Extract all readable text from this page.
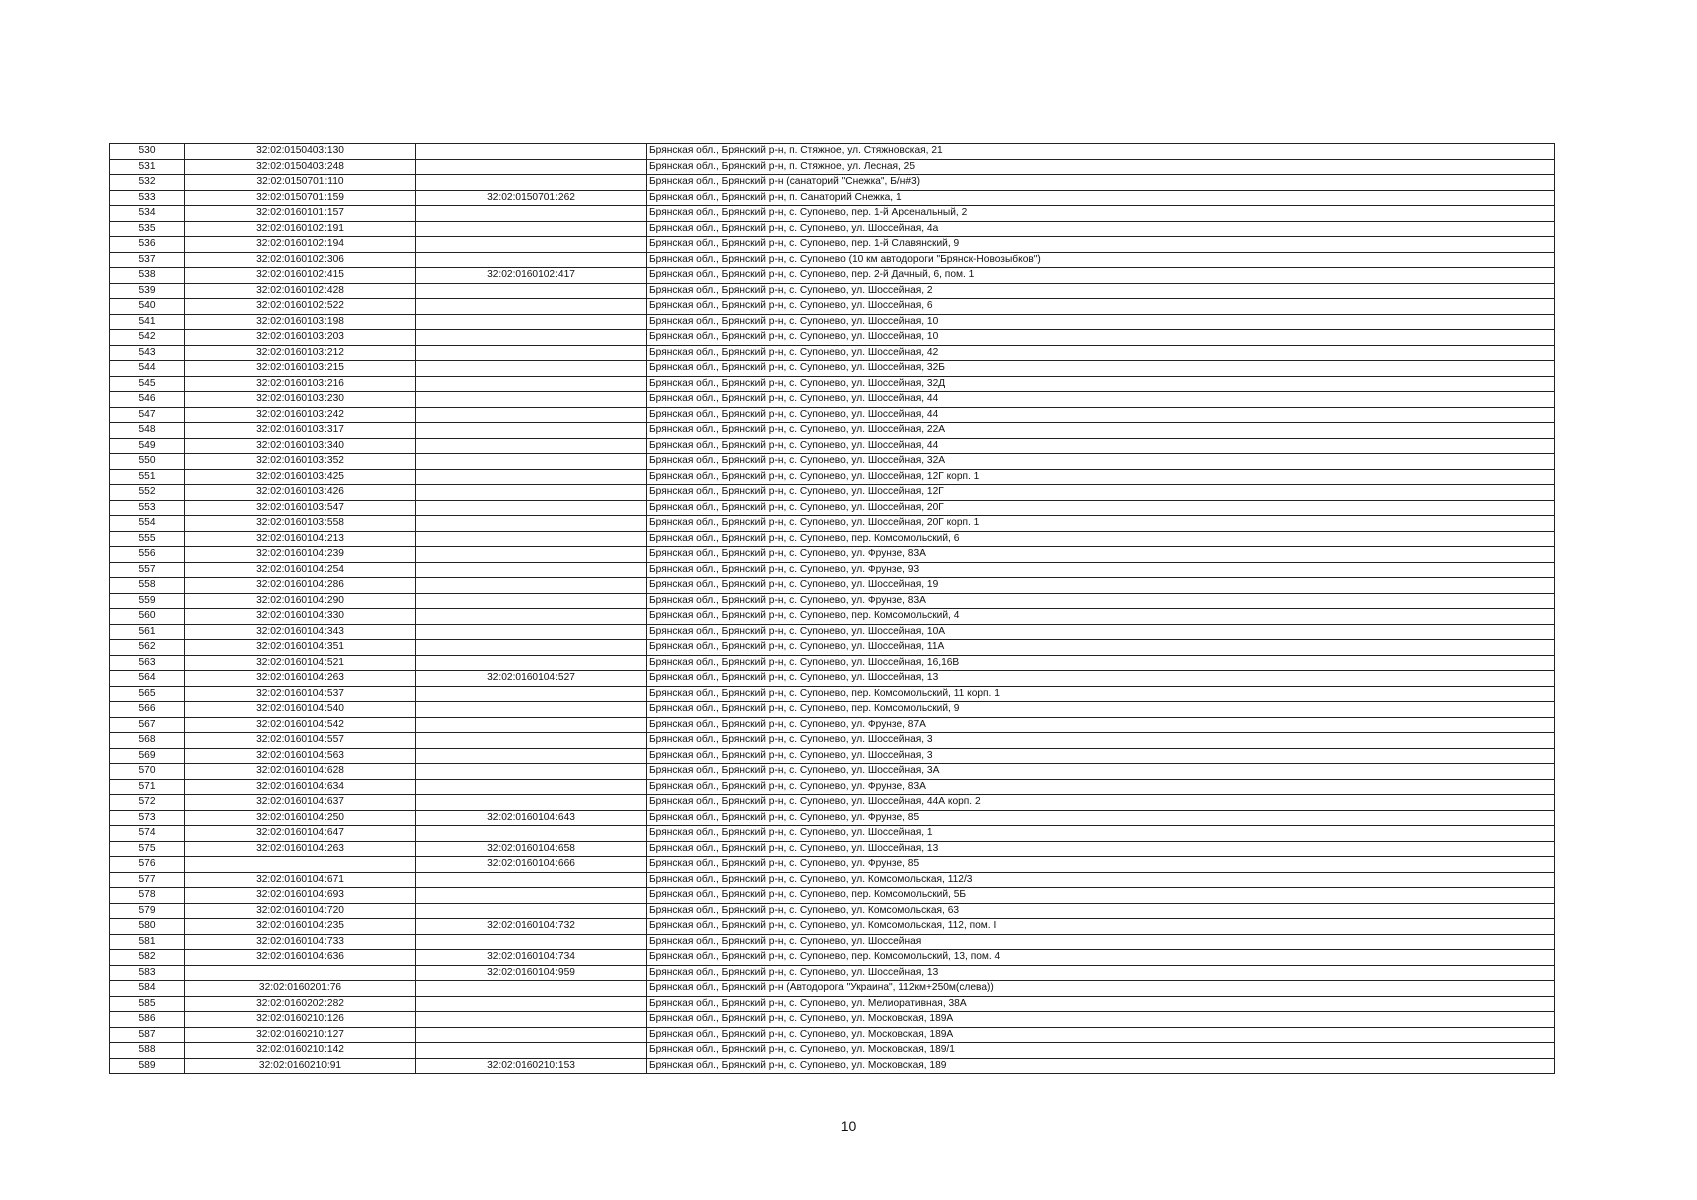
530	32:02:0150403:130		Брянская обл., Брянский р-н, п. Стяжное, ул. Стяжновская, 21
531	32:02:0150403:248		Брянская обл., Брянский р-н, п. Стяжное, ул. Лесная, 25
532	32:02:0150701:110		Брянская обл., Брянский р-н (санаторий "Снежка", Б/н#3)
533	32:02:0150701:159	32:02:0150701:262	Брянская обл., Брянский р-н, п. Санаторий Снежка, 1
534	32:02:0160101:157		Брянская обл., Брянский р-н, с. Супонево, пер. 1-й Арсенальный, 2
535	32:02:0160102:191		Брянская обл., Брянский р-н, с. Супонево, ул. Шоссейная, 4а
536	32:02:0160102:194		Брянская обл., Брянский р-н, с. Супонево, пер. 1-й Славянский, 9
537	32:02:0160102:306		Брянская обл., Брянский р-н, с. Супонево (10 км автодороги "Брянск-Новозыбков")
538	32:02:0160102:415	32:02:0160102:417	Брянская обл., Брянский р-н, с. Супонево, пер. 2-й Дачный, 6, пом. 1
539	32:02:0160102:428		Брянская обл., Брянский р-н, с. Супонево, ул. Шоссейная, 2
540	32:02:0160102:522		Брянская обл., Брянский р-н, с. Супонево, ул. Шоссейная, 6
541	32:02:0160103:198		Брянская обл., Брянский р-н, с. Супонево, ул. Шоссейная, 10
542	32:02:0160103:203		Брянская обл., Брянский р-н, с. Супонево, ул. Шоссейная, 10
543	32:02:0160103:212		Брянская обл., Брянский р-н, с. Супонево, ул. Шоссейная, 42
544	32:02:0160103:215		Брянская обл., Брянский р-н, с. Супонево, ул. Шоссейная, 32Б
545	32:02:0160103:216		Брянская обл., Брянский р-н, с. Супонево, ул. Шоссейная, 32Д
546	32:02:0160103:230		Брянская обл., Брянский р-н, с. Супонево, ул. Шоссейная, 44
547	32:02:0160103:242		Брянская обл., Брянский р-н, с. Супонево, ул. Шоссейная, 44
548	32:02:0160103:317		Брянская обл., Брянский р-н, с. Супонево, ул. Шоссейная, 22А
549	32:02:0160103:340		Брянская обл., Брянский р-н, с. Супонево, ул. Шоссейная, 44
550	32:02:0160103:352		Брянская обл., Брянский р-н, с. Супонево, ул. Шоссейная, 32А
551	32:02:0160103:425		Брянская обл., Брянский р-н, с. Супонево, ул. Шоссейная, 12Г корп. 1
552	32:02:0160103:426		Брянская обл., Брянский р-н, с. Супонево, ул. Шоссейная, 12Г
553	32:02:0160103:547		Брянская обл., Брянский р-н, с. Супонево, ул. Шоссейная, 20Г
554	32:02:0160103:558		Брянская обл., Брянский р-н, с. Супонево, ул. Шоссейная, 20Г корп. 1
555	32:02:0160104:213		Брянская обл., Брянский р-н, с. Супонево, пер. Комсомольский, 6
556	32:02:0160104:239		Брянская обл., Брянский р-н, с. Супонево, ул. Фрунзе, 83А
557	32:02:0160104:254		Брянская обл., Брянский р-н, с. Супонево, ул. Фрунзе, 93
558	32:02:0160104:286		Брянская обл., Брянский р-н, с. Супонево, ул. Шоссейная, 19
559	32:02:0160104:290		Брянская обл., Брянский р-н, с. Супонево, ул. Фрунзе, 83А
560	32:02:0160104:330		Брянская обл., Брянский р-н, с. Супонево, пер. Комсомольский, 4
561	32:02:0160104:343		Брянская обл., Брянский р-н, с. Супонево, ул. Шоссейная, 10А
562	32:02:0160104:351		Брянская обл., Брянский р-н, с. Супонево, ул. Шоссейная, 11А
563	32:02:0160104:521		Брянская обл., Брянский р-н, с. Супонево, ул. Шоссейная, 16,16В
564	32:02:0160104:263	32:02:0160104:527	Брянская обл., Брянский р-н, с. Супонево, ул. Шоссейная, 13
565	32:02:0160104:537		Брянская обл., Брянский р-н, с. Супонево, пер. Комсомольский, 11 корп. 1
566	32:02:0160104:540		Брянская обл., Брянский р-н, с. Супонево, пер. Комсомольский, 9
567	32:02:0160104:542		Брянская обл., Брянский р-н, с. Супонево, ул. Фрунзе, 87А
568	32:02:0160104:557		Брянская обл., Брянский р-н, с. Супонево, ул. Шоссейная, 3
569	32:02:0160104:563		Брянская обл., Брянский р-н, с. Супонево, ул. Шоссейная, 3
570	32:02:0160104:628		Брянская обл., Брянский р-н, с. Супонево, ул. Шоссейная, 3А
571	32:02:0160104:634		Брянская обл., Брянский р-н, с. Супонево, ул. Фрунзе, 83А
572	32:02:0160104:637		Брянская обл., Брянский р-н, с. Супонево, ул. Шоссейная, 44А корп. 2
573	32:02:0160104:250	32:02:0160104:643	Брянская обл., Брянский р-н, с. Супонево, ул. Фрунзе, 85
574	32:02:0160104:647		Брянская обл., Брянский р-н, с. Супонево, ул. Шоссейная, 1
575	32:02:0160104:263	32:02:0160104:658	Брянская обл., Брянский р-н, с. Супонево, ул. Шоссейная, 13
576		32:02:0160104:666	Брянская обл., Брянский р-н, с. Супонево, ул. Фрунзе, 85
577	32:02:0160104:671		Брянская обл., Брянский р-н, с. Супонево, ул. Комсомольская, 112/3
578	32:02:0160104:693		Брянская обл., Брянский р-н, с. Супонево, пер. Комсомольский, 5Б
579	32:02:0160104:720		Брянская обл., Брянский р-н, с. Супонево, ул. Комсомольская, 63
580	32:02:0160104:235	32:02:0160104:732	Брянская обл., Брянский р-н, с. Супонево, ул. Комсомольская, 112, пом. I
581	32:02:0160104:733		Брянская обл., Брянский р-н, с. Супонево, ул. Шоссейная
582	32:02:0160104:636	32:02:0160104:734	Брянская обл., Брянский р-н, с. Супонево, пер. Комсомольский, 13, пом. 4
583		32:02:0160104:959	Брянская обл., Брянский р-н, с. Супонево, ул. Шоссейная, 13
584	32:02:0160201:76		Брянская обл., Брянский р-н (Автодорога "Украина", 112км+250м(слева))
585	32:02:0160202:282		Брянская обл., Брянский р-н, с. Супонево, ул. Мелиоративная, 38А
586	32:02:0160210:126		Брянская обл., Брянский р-н, с. Супонево, ул. Московская, 189А
587	32:02:0160210:127		Брянская обл., Брянский р-н, с. Супонево, ул. Московская, 189А
588	32:02:0160210:142		Брянская обл., Брянский р-н, с. Супонево, ул. Московская, 189/1
589	32:02:0160210:91	32:02:0160210:153	Брянская обл., Брянский р-н, с. Супонево, ул. Московская, 189
10
